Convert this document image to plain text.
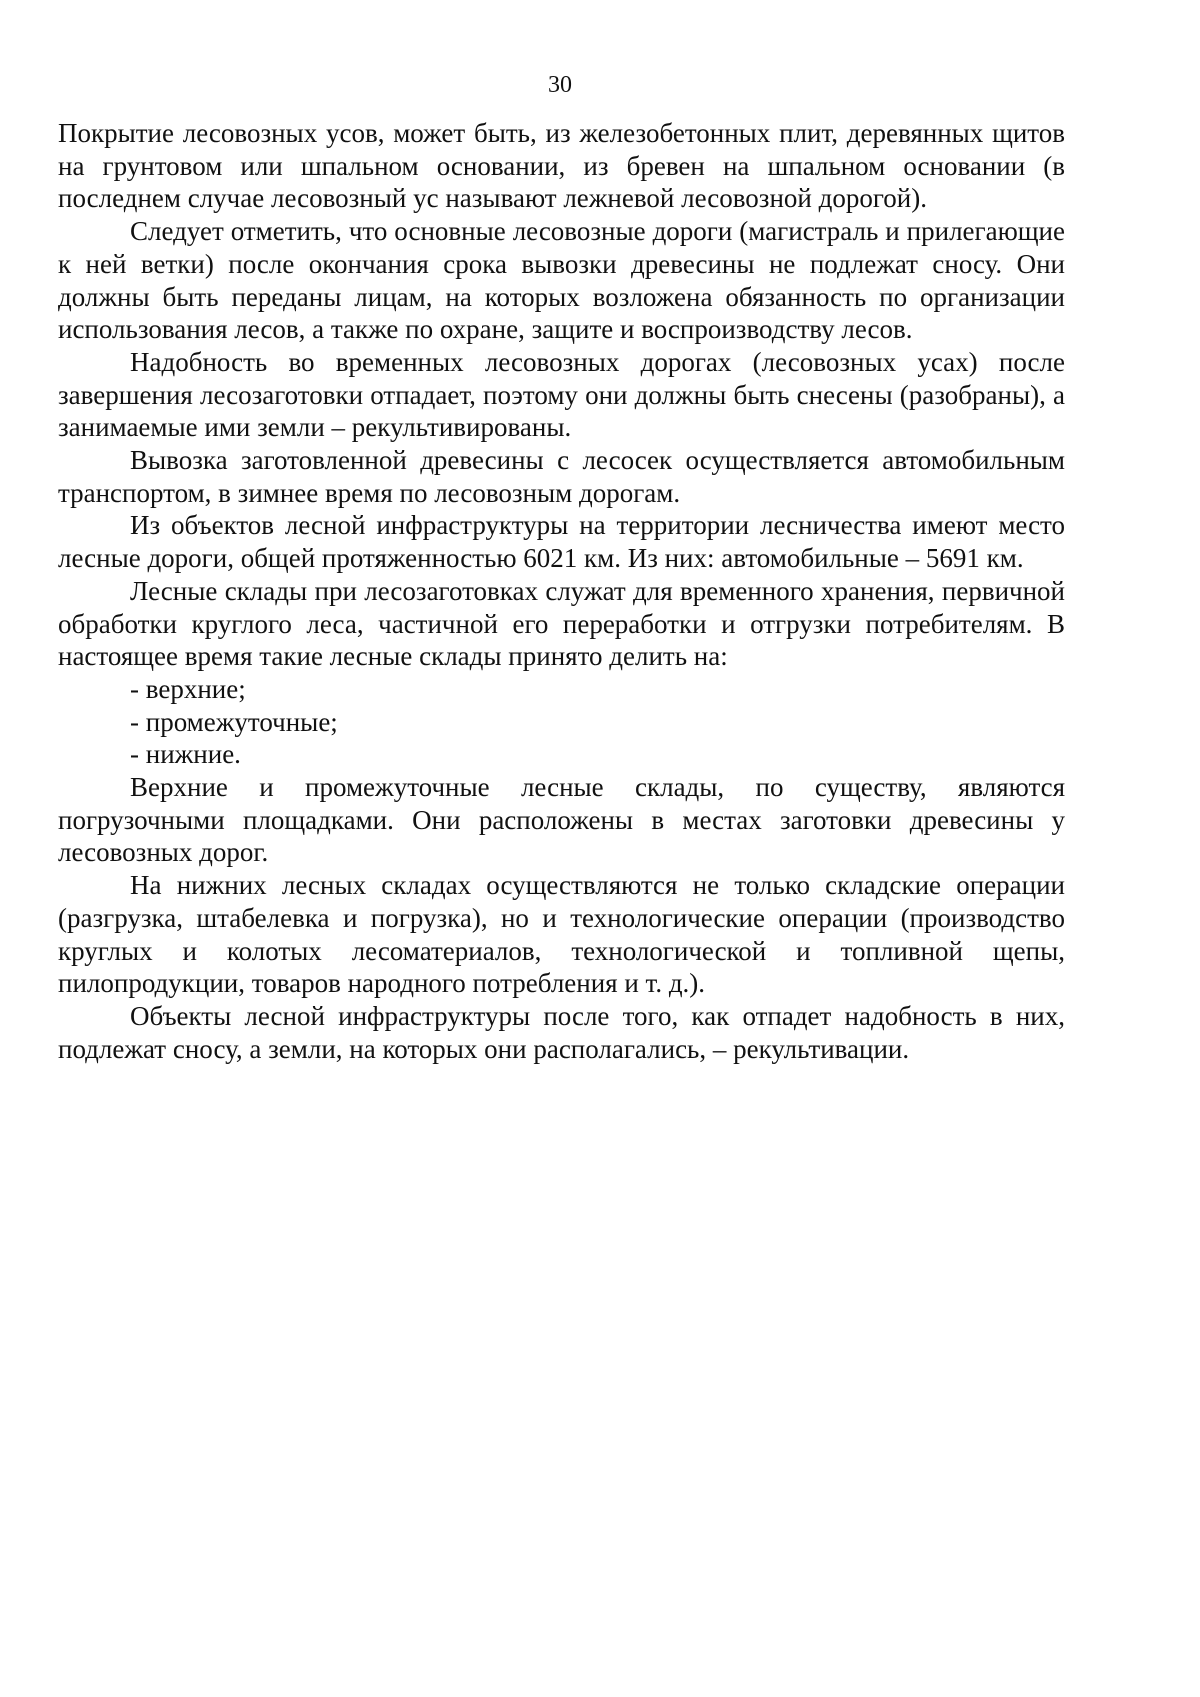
30

Покрытие лесовозных усов, может быть, из железобетонных плит, деревянных щитов на грунтовом или шпальном основании, из бревен на шпальном основании (в последнем случае лесовозный ус называют лежневой лесовозной дорогой).

Следует отметить, что основные лесовозные дороги (магистраль и прилегающие к ней ветки) после окончания срока вывозки древесины не подлежат сносу. Они должны быть переданы лицам, на которых возложена обязанность по организации использования лесов, а также по охране, защите и воспроизводству лесов.

Надобность во временных лесовозных дорогах (лесовозных усах) после завершения лесозаготовки отпадает, поэтому они должны быть снесены (разобраны), а занимаемые ими земли – рекультивированы.

Вывозка заготовленной древесины с лесосек осуществляется автомобильным транспортом, в зимнее время по лесовозным дорогам.

Из объектов лесной инфраструктуры на территории лесничества имеют место лесные дороги, общей протяженностью 6021 км. Из них: автомобильные – 5691 км.

Лесные склады при лесозаготовках служат для временного хранения, первичной обработки круглого леса, частичной его переработки и отгрузки потребителям. В настоящее время такие лесные склады принято делить на:

- верхние;

- промежуточные;

- нижние.

Верхние и промежуточные лесные склады, по существу, являются погрузочными площадками. Они расположены в местах заготовки древесины у лесовозных дорог.

На нижних лесных складах осуществляются не только складские операции (разгрузка, штабелевка и погрузка), но и технологические операции (производство круглых и колотых лесоматериалов, технологической и топливной щепы, пилопродукции, товаров народного потребления и т. д.).

Объекты лесной инфраструктуры после того, как отпадет надобность в них, подлежат сносу, а земли, на которых они располагались, – рекультивации.
